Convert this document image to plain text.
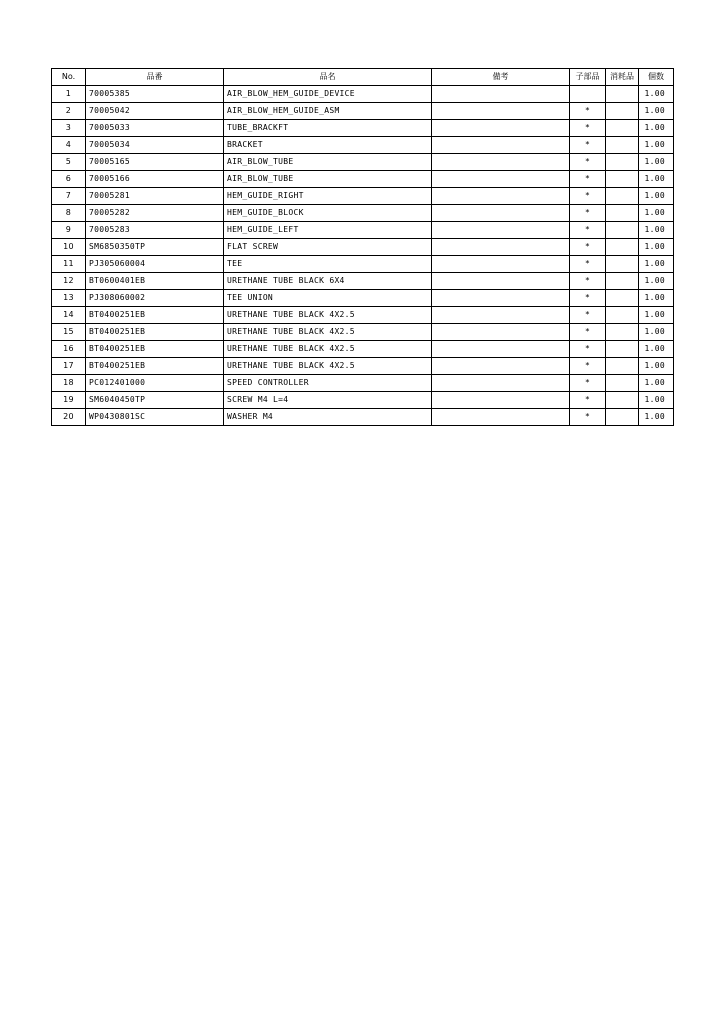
No.	品番	品名	備考	子部品	消耗品	個数
1	70005385	AIR_BLOW_HEM_GUIDE_DEVICE				1.00
2	70005042	AIR_BLOW_HEM_GUIDE_ASM		*		1.00
3	70005033	TUBE_BRACKFT		*		1.00
4	70005034	BRACKET		*		1.00
5	70005165	AIR_BLOW_TUBE		*		1.00
6	70005166	AIR_BLOW_TUBE		*		1.00
7	70005281	HEM_GUIDE_RIGHT		*		1.00
8	70005282	HEM_GUIDE_BLOCK		*		1.00
9	70005283	HEM_GUIDE_LEFT		*		1.00
10	SM6850350TP	FLAT SCREW		*		1.00
11	PJ305060004	TEE		*		1.00
12	BT0600401EB	URETHANE TUBE BLACK 6X4		*		1.00
13	PJ308060002	TEE UNION		*		1.00
14	BT0400251EB	URETHANE TUBE BLACK 4X2.5		*		1.00
15	BT0400251EB	URETHANE TUBE BLACK 4X2.5		*		1.00
16	BT0400251EB	URETHANE TUBE BLACK 4X2.5		*		1.00
17	BT0400251EB	URETHANE TUBE BLACK 4X2.5		*		1.00
18	PC012401000	SPEED CONTROLLER		*		1.00
19	SM6040450TP	SCREW M4 L=4		*		1.00
20	WP0430801SC	WASHER M4		*		1.00
